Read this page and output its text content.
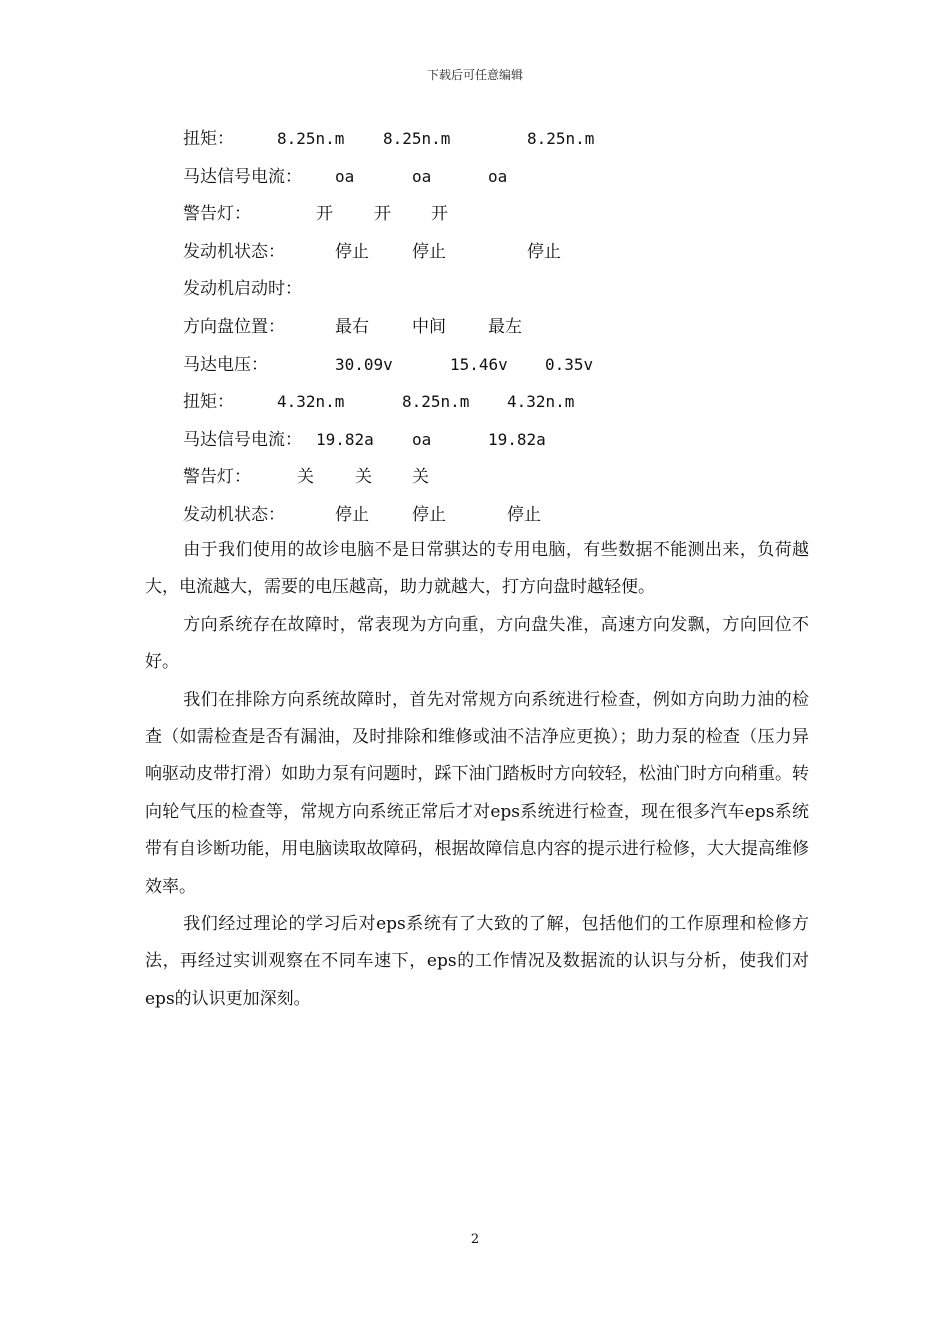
下载后可任意编辑
扭矩：	8.25n.m 8.25n.m	8.25n.m
马达信号电流： oa	oa	oa
警告灯：	开 开 开
发动机状态：	停止	停止	停止
发动机启动时：
方向盘位置：	最右	中间 最左
马达电压：	30.09v	15.46v 0.35v
扭矩：	4.32n.m	8.25n.m 4.32n.m
马达信号电流： 19.82a oa	19.82a
警告灯：	关 关 关
发动机状态：	停止	停止	停止

由于我们使用的故诊电脑不是日常骐达的专用电脑，有些数据不能测出来，负荷越大，电流越大，需要的电压越高，助力就越大，打方向盘时越轻便。

方向系统存在故障时，常表现为方向重，方向盘失准，高速方向发飘，方向回位不好。

我们在排除方向系统故障时，首先对常规方向系统进行检查，例如方向助力油的检查（如需检查是否有漏油，及时排除和维修或油不洁净应更换）；助力泵的检查（压力异响驱动皮带打滑）如助力泵有问题时，踩下油门踏板时方向较轻，松油门时方向稍重。转向轮气压的检查等，常规方向系统正常后才对eps系统进行检查，现在很多汽车eps系统带有自诊断功能，用电脑读取故障码，根据故障信息内容的提示进行检修，大大提高维修效率。

我们经过理论的学习后对eps系统有了大致的了解，包括他们的工作原理和检修方法，再经过实训观察在不同车速下，eps的工作情况及数据流的认识与分析，使我们对eps的认识更加深刻。

2
